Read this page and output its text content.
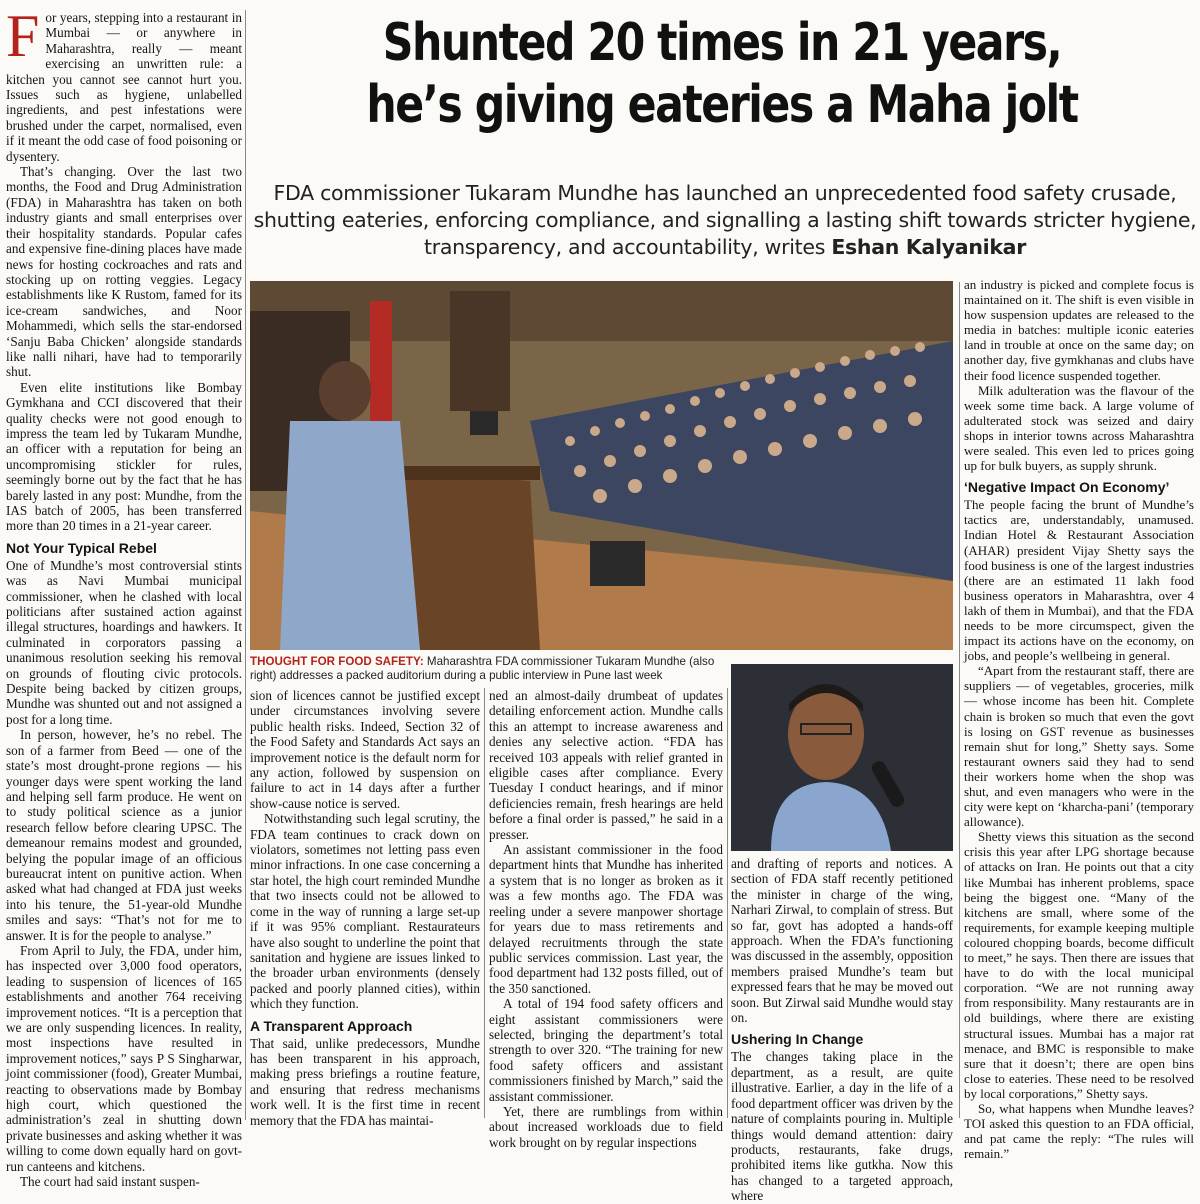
For years, stepping into a restaurant in Mumbai — or anywhere in Maharashtra, really — meant exercising an unwritten rule: a kitchen you cannot see cannot hurt you. Issues such as hygiene, unlabelled ingredients, and pest infestations were brushed under the carpet, normalised, even if it meant the odd case of food poisoning or dysentery.

That’s changing. Over the last two months, the Food and Drug Administration (FDA) in Maharashtra has taken on both industry giants and small enterprises over their hospitality standards. Popular cafes and expensive fine-dining places have made news for hosting cockroaches and rats and stocking up on rotting veggies. Legacy establishments like K Rustom, famed for its ice-cream sandwiches, and Noor Mohammedi, which sells the star-endorsed ‘Sanju Baba Chicken’ alongside standards like nalli nihari, have had to temporarily shut.

Even elite institutions like Bombay Gymkhana and CCI discovered that their quality checks were not good enough to impress the team led by Tukaram Mundhe, an officer with a reputation for being an uncompromising stickler for rules, seemingly borne out by the fact that he has barely lasted in any post: Mundhe, from the IAS batch of 2005, has been transferred more than 20 times in a 21-year career.

Not Your Typical Rebel

One of Mundhe’s most controversial stints was as Navi Mumbai municipal commissioner, when he clashed with local politicians after sustained action against illegal structures, hoardings and hawkers. It culminated in corporators passing a unanimous resolution seeking his removal on grounds of flouting civic protocols. Despite being backed by citizen groups, Mundhe was shunted out and not assigned a post for a long time.

In person, however, he’s no rebel. The son of a farmer from Beed — one of the state’s most drought-prone regions — his younger days were spent working the land and helping sell farm produce. He went on to study political science as a junior research fellow before clearing UPSC. The demeanour remains modest and grounded, belying the popular image of an officious bureaucrat intent on punitive action. When asked what had changed at FDA just weeks into his tenure, the 51-year-old Mundhe smiles and says: “That’s not for me to answer. It is for the people to analyse.”

From April to July, the FDA, under him, has inspected over 3,000 food operators, leading to suspension of licences of 165 establishments and another 764 receiving improvement notices. “It is a perception that we are only suspending licences. In reality, most inspections have resulted in improvement notices,” says P S Singharwar, joint commissioner (food), Greater Mumbai, reacting to observations made by Bombay high court, which questioned the administration’s zeal in shutting down private businesses and asking whether it was willing to come down equally hard on govt-run canteens and kitchens.

The court had said instant suspen-

Shunted 20 times in 21 years,
he’s giving eateries a Maha jolt
FDA commissioner Tukaram Mundhe has launched an unprecedented food safety crusade, shutting eateries, enforcing compliance, and signalling a lasting shift towards stricter hygiene, transparency, and accountability, writes Eshan Kalyanikar
THOUGHT FOR FOOD SAFETY: Maharashtra FDA commissioner Tukaram Mundhe (also right) addresses a packed auditorium during a public interview in Pune last week

sion of licences cannot be justified except under circumstances involving severe public health risks. Indeed, Section 32 of the Food Safety and Standards Act says an improvement notice is the default norm for any action, followed by suspension on failure to act in 14 days after a further show-cause notice is served.

Notwithstanding such legal scrutiny, the FDA team continues to crack down on violators, sometimes not letting pass even minor infractions. In one case concerning a star hotel, the high court reminded Mundhe that two insects could not be allowed to come in the way of running a large set-up if it was 95% compliant. Restaurateurs have also sought to underline the point that sanitation and hygiene are issues linked to the broader urban environments (densely packed and poorly planned cities), within which they function.

A Transparent Approach

That said, unlike predecessors, Mundhe has been transparent in his approach, making press briefings a routine feature, and ensuring that redress mechanisms work well. It is the first time in recent memory that the FDA has maintai-

ned an almost-daily drumbeat of updates detailing enforcement action. Mundhe calls this an attempt to increase awareness and denies any selective action. “FDA has received 103 appeals with relief granted in eligible cases after compliance. Every Tuesday I conduct hearings, and if minor deficiencies remain, fresh hearings are held before a final order is passed,” he said in a presser.

An assistant commissioner in the food department hints that Mundhe has inherited a system that is no longer as broken as it was a few months ago. The FDA was reeling under a severe manpower shortage for years due to mass retirements and delayed recruitments through the state public services commission. Last year, the food department had 132 posts filled, out of the 350 sanctioned.

A total of 194 food safety officers and eight assistant commissioners were selected, bringing the department’s total strength to over 320. “The training for new food safety officers and assistant commissioners finished by March,” said the assistant commissioner.

Yet, there are rumblings from within about increased workloads due to field work brought on by regular inspections

and drafting of reports and notices. A section of FDA staff recently petitioned the minister in charge of the wing, Narhari Zirwal, to complain of stress. But so far, govt has adopted a hands-off approach. When the FDA’s functioning was discussed in the assembly, opposition members praised Mundhe’s team but expressed fears that he may be moved out soon. But Zirwal said Mundhe would stay on.

Ushering In Change

The changes taking place in the department, as a result, are quite illustrative. Earlier, a day in the life of a food department officer was driven by the nature of complaints pouring in. Multiple things would demand attention: dairy products, restaurants, fake drugs, prohibited items like gutkha. Now this has changed to a targeted approach, where

an industry is picked and complete focus is maintained on it. The shift is even visible in how suspension updates are released to the media in batches: multiple iconic eateries land in trouble at once on the same day; on another day, five gymkhanas and clubs have their food licence suspended together.

Milk adulteration was the flavour of the week some time back. A large volume of adulterated stock was seized and dairy shops in interior towns across Maharashtra were sealed. This even led to prices going up for bulk buyers, as supply shrunk.

‘Negative Impact On Economy’

The people facing the brunt of Mundhe’s tactics are, understandably, unamused. Indian Hotel & Restaurant Association (AHAR) president Vijay Shetty says the food business is one of the largest industries (there are an estimated 11 lakh food business operators in Maharashtra, over 4 lakh of them in Mumbai), and that the FDA needs to be more circumspect, given the impact its actions have on the economy, on jobs, and people’s wellbeing in general.

“Apart from the restaurant staff, there are suppliers — of vegetables, groceries, milk — whose income has been hit. Complete chain is broken so much that even the govt is losing on GST revenue as businesses remain shut for long,” Shetty says. Some restaurant owners said they had to send their workers home when the shop was shut, and even managers who were in the city were kept on ‘kharcha-pani’ (temporary allowance).

Shetty views this situation as the second crisis this year after LPG shortage because of attacks on Iran. He points out that a city like Mumbai has inherent problems, space being the biggest one. “Many of the kitchens are small, where some of the requirements, for example keeping multiple coloured chopping boards, become difficult to meet,” he says. Then there are issues that have to do with the local municipal corporation. “We are not running away from responsibility. Many restaurants are in old buildings, where there are existing structural issues. Mumbai has a major rat menace, and BMC is responsible to make sure that it doesn’t; there are open bins close to eateries. These need to be resolved by local corporations,” Shetty says.

So, what happens when Mundhe leaves? TOI asked this question to an FDA official, and pat came the reply: “The rules will remain.”
